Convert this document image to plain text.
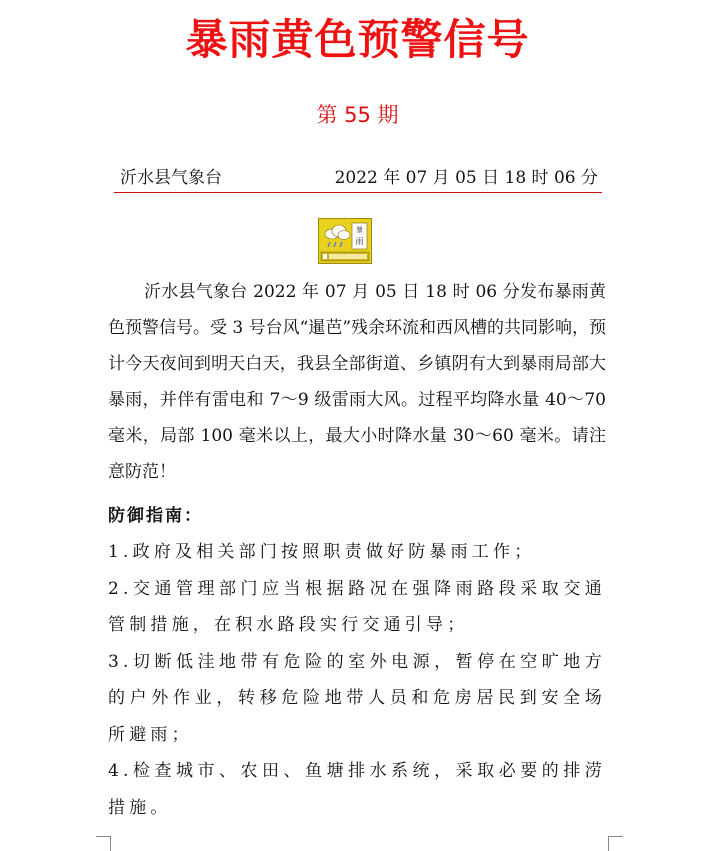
暴雨黄色预警信号
第 55 期
沂水县气象台	2022 年 07 月 05 日 18 时 06 分
暴
雨

沂水县气象台 2022 年 07 月 05 日 18 时 06 分发布暴雨黄色预警信号。受 3 号台风“暹芭”残余环流和西风槽的共同影响，预计今天夜间到明天白天，我县全部街道、乡镇阴有大到暴雨局部大暴雨，并伴有雷电和 7～9 级雷雨大风。过程平均降水量 40～70 毫米，局部 100 毫米以上，最大小时降水量 30～60 毫米。请注意防范！

防御指南：
1.政府及相关部门按照职责做好防暴雨工作；
2.交通管理部门应当根据路况在强降雨路段采取交通管制措施，在积水路段实行交通引导；
3.切断低洼地带有危险的室外电源，暂停在空旷地方的户外作业，转移危险地带人员和危房居民到安全场所避雨；
4.检查城市、农田、鱼塘排水系统，采取必要的排涝措施。
